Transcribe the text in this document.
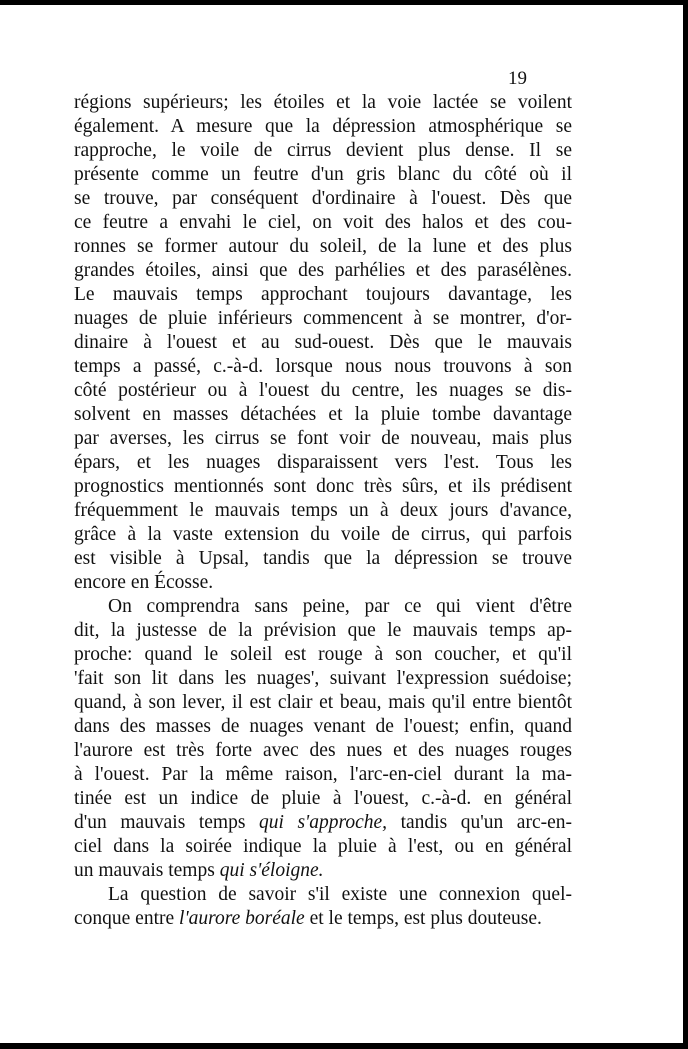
19
régions supérieurs; les étoiles et la voie lactée se voilent
également. A mesure que la dépression atmosphérique se
rapproche, le voile de cirrus devient plus dense. Il se
présente comme un feutre d'un gris blanc du côté où il
se trouve, par conséquent d'ordinaire à l'ouest. Dès que
ce feutre a envahi le ciel, on voit des halos et des cou-
ronnes se former autour du soleil, de la lune et des plus
grandes étoiles, ainsi que des parhélies et des parasélènes.
Le mauvais temps approchant toujours davantage, les
nuages de pluie inférieurs commencent à se montrer, d'or-
dinaire à l'ouest et au sud-ouest. Dès que le mauvais
temps a passé, c.-à-d. lorsque nous nous trouvons à son
côté postérieur ou à l'ouest du centre, les nuages se dis-
solvent en masses détachées et la pluie tombe davantage
par averses, les cirrus se font voir de nouveau, mais plus
épars, et les nuages disparaissent vers l'est. Tous les
prognostics mentionnés sont donc très sûrs, et ils prédisent
fréquemment le mauvais temps un à deux jours d'avance,
grâce à la vaste extension du voile de cirrus, qui parfois
est visible à Upsal, tandis que la dépression se trouve
encore en Écosse.
On comprendra sans peine, par ce qui vient d'être
dit, la justesse de la prévision que le mauvais temps ap-
proche: quand le soleil est rouge à son coucher, et qu'il
'fait son lit dans les nuages', suivant l'expression suédoise;
quand, à son lever, il est clair et beau, mais qu'il entre bientôt
dans des masses de nuages venant de l'ouest; enfin, quand
l'aurore est très forte avec des nues et des nuages rouges
à l'ouest. Par la même raison, l'arc-en-ciel durant la ma-
tinée est un indice de pluie à l'ouest, c.-à-d. en général
d'un mauvais temps qui s'approche, tandis qu'un arc-en-
ciel dans la soirée indique la pluie à l'est, ou en général
un mauvais temps qui s'éloigne.
La question de savoir s'il existe une connexion quel-
conque entre l'aurore boréale et le temps, est plus douteuse.
